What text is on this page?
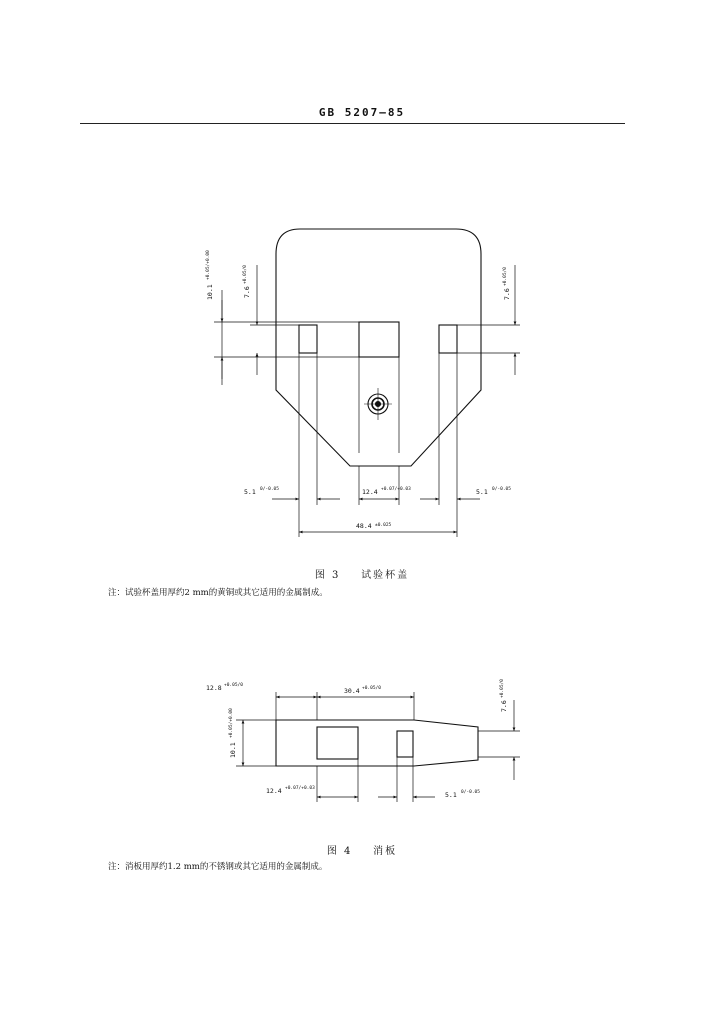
GB 5207—85
10.1
+0.05/+0.00
7.6
+0.05/0
7.6
+0.05/0
5.1 0/-0.05	12.4 +0.07/+0.03	5.1 0/-0.05
48.4 ±0.025
12.8 +0.05/0
30.4 +0.05/0
10.1
+0.05/+0.00
7.6
+0.05/0
12.4 +0.07/+0.03
5.1 0/-0.05
图 3 试验杯盖
注：试验杯盖用厚约2 mm的黄铜或其它适用的金属制成。
图 4 消板
注：消板用厚约1.2 mm的不锈钢或其它适用的金属制成。
